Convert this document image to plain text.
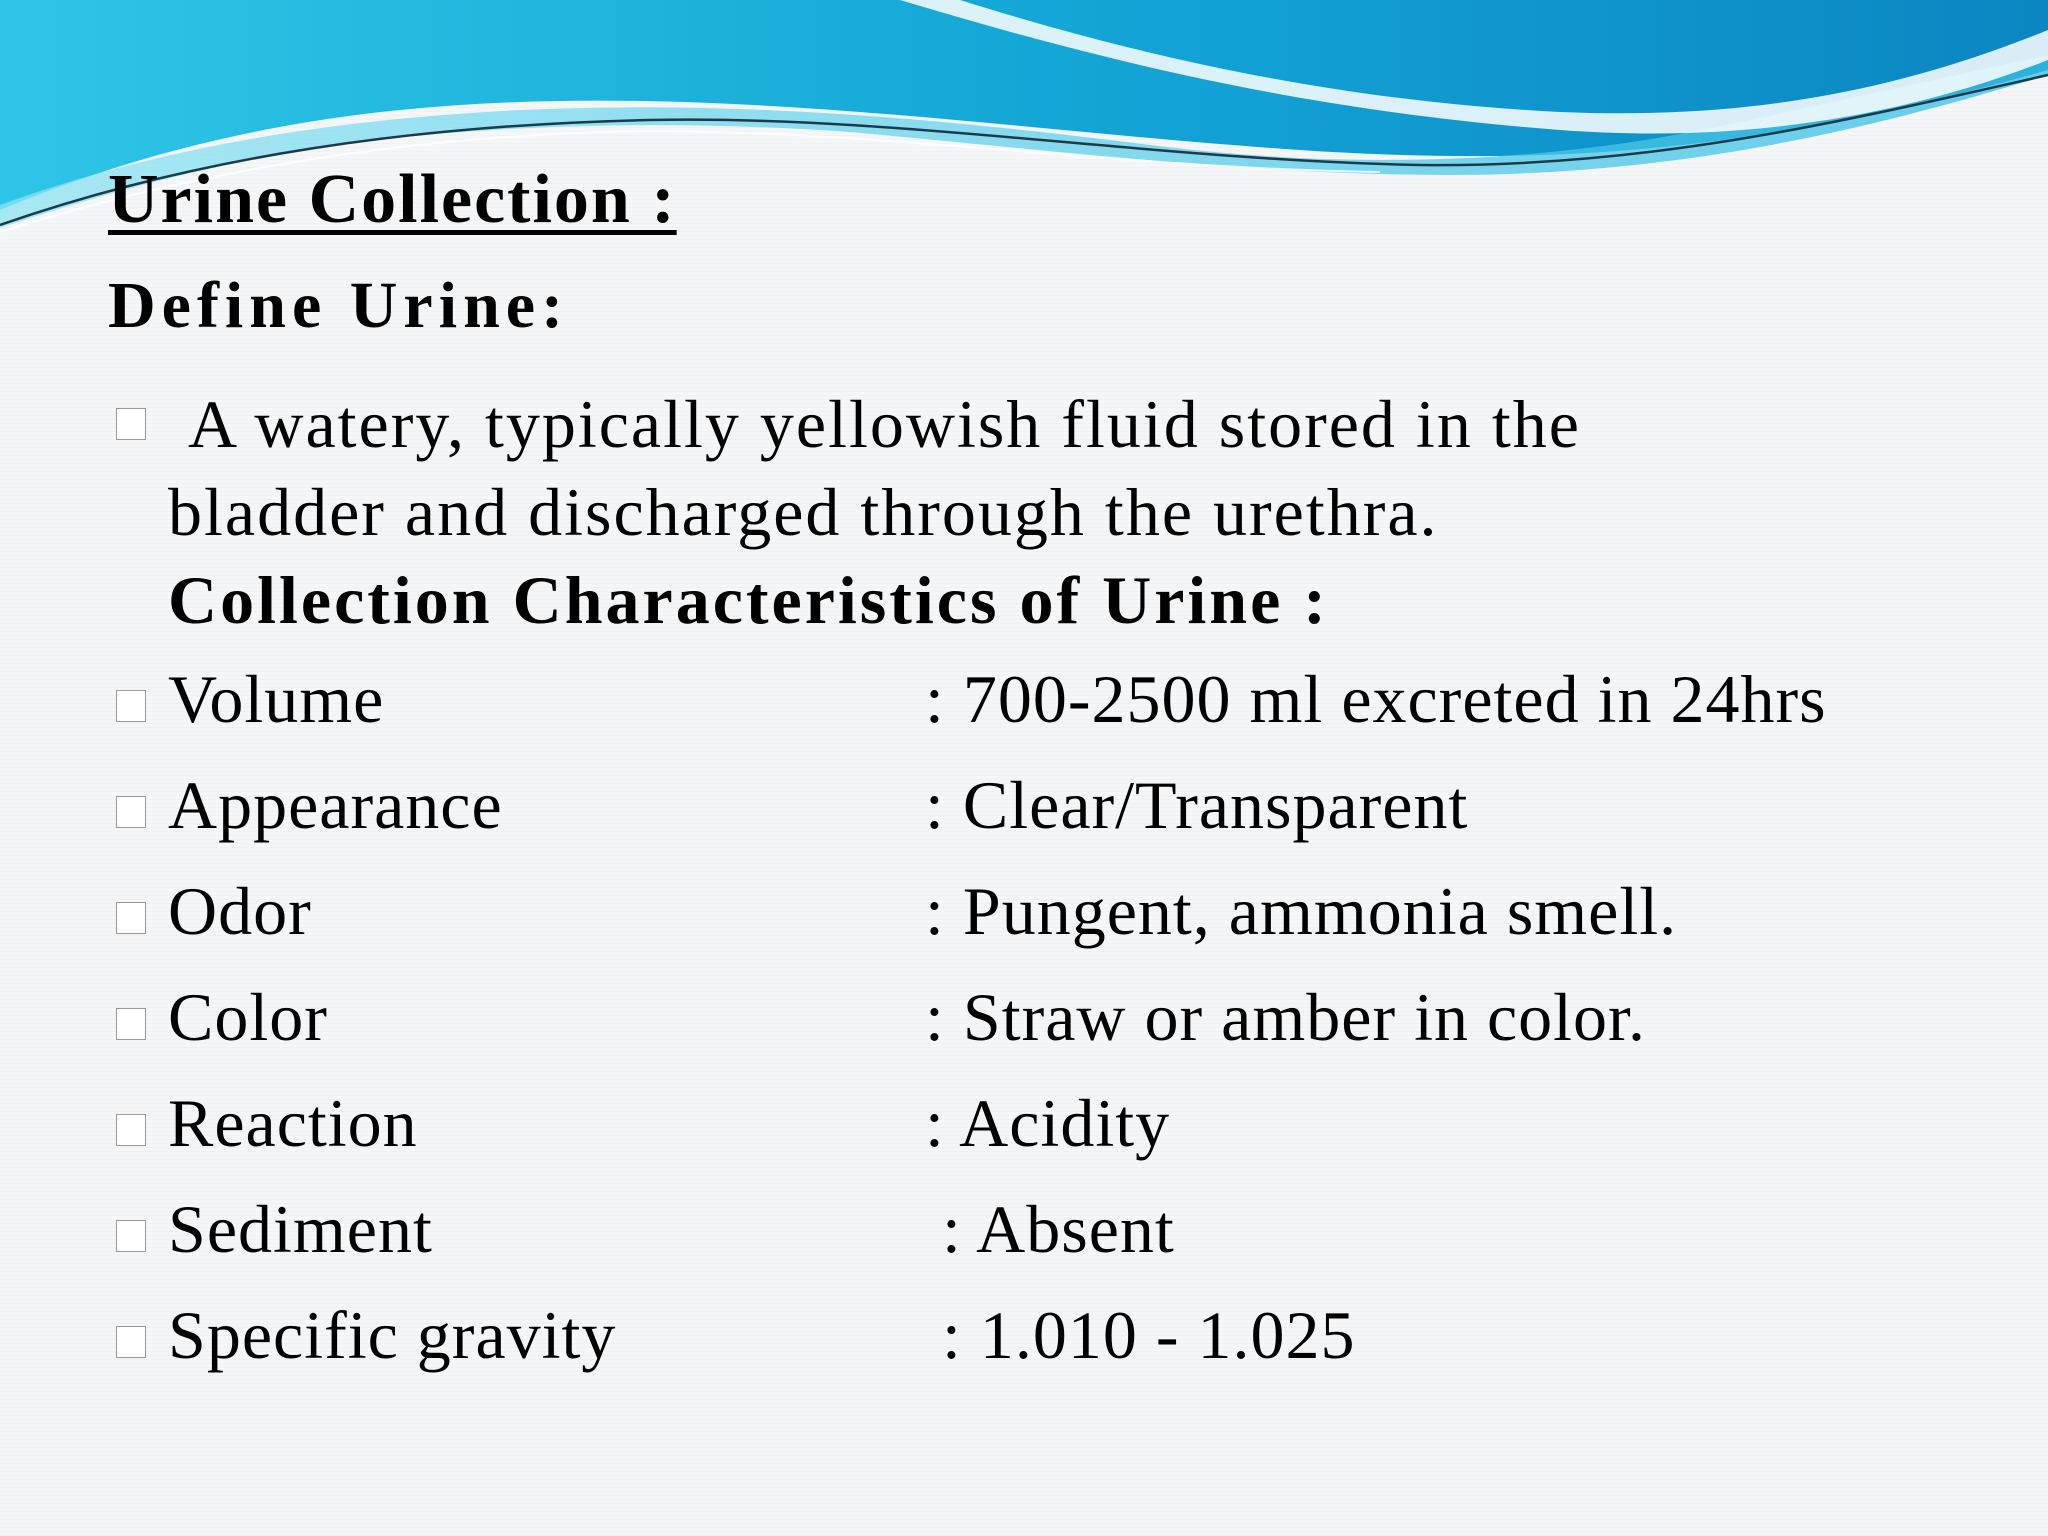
Urine Collection :
Define Urine:
A watery, typically yellowish fluid stored in the
bladder and discharged through the urethra.
Collection Characteristics of Urine :
Volume	: 700-2500 ml excreted in 24hrs
Appearance	: Clear/Transparent
Odor	: Pungent, ammonia smell.
Color	: Straw or amber in color.
Reaction	: Acidity
Sediment	: Absent
Specific gravity	: 1.010 - 1.025
